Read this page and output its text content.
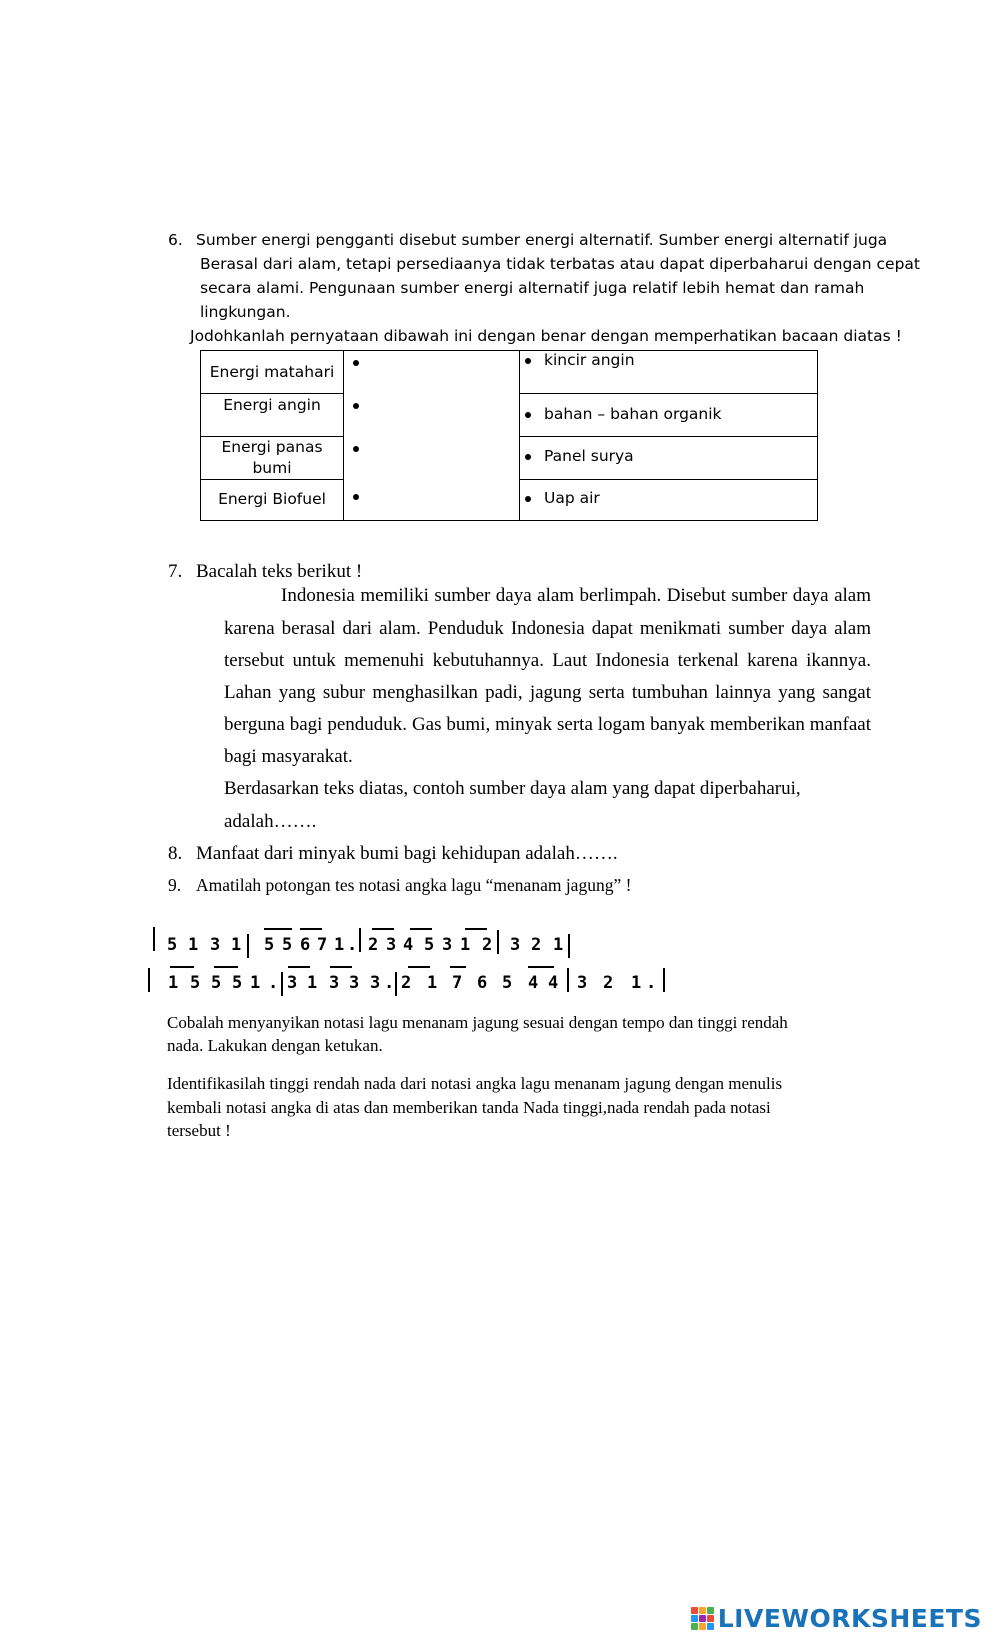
6. Sumber energi pengganti disebut sumber energi alternatif. Sumber energi alternatif juga
Berasal dari alam, tetapi persediaanya tidak terbatas atau dapat diperbaharui dengan cepat
secara alami. Pengunaan sumber energi alternatif juga relatif lebih hemat dan ramah
lingkungan.
Jodohkanlah pernyataan dibawah ini dengan benar dengan memperhatikan bacaan diatas !
Energi matahari
Energi angin
Energi panas bumi
Energi Biofuel
kincir angin
bahan – bahan organik
Panel surya
Uap air
7. Bacalah teks berikut !
Indonesia memiliki sumber daya alam berlimpah. Disebut sumber daya alam
karena berasal dari alam. Penduduk Indonesia dapat menikmati sumber daya alam
tersebut untuk memenuhi kebutuhannya. Laut Indonesia terkenal karena ikannya.
Lahan yang subur menghasilkan padi, jagung serta tumbuhan lainnya yang sangat
berguna bagi penduduk. Gas bumi, minyak serta logam banyak memberikan manfaat
bagi masyarakat.
Berdasarkan teks diatas, contoh sumber daya alam yang dapat diperbaharui,
adalah…….
8. Manfaat dari minyak bumi bagi kehidupan adalah…….
9. Amatilah potongan tes notasi angka lagu “menanam jagung” !
5 1 3 1 5 5 6 7 1 . 2 3 4 5 3 1 2 3 2 1
1 5 5 5 1 . 3 1 3 3 3 . 2 1 7 6 5 4 4 3 2 1 .
Cobalah menyanyikan notasi lagu menanam jagung sesuai dengan tempo dan tinggi rendah
nada. Lakukan dengan ketukan.
Identifikasilah tinggi rendah nada dari notasi angka lagu menanam jagung dengan menulis
kembali notasi angka di atas dan memberikan tanda Nada tinggi,nada rendah pada notasi
tersebut !
LIVEWORKSHEETS
